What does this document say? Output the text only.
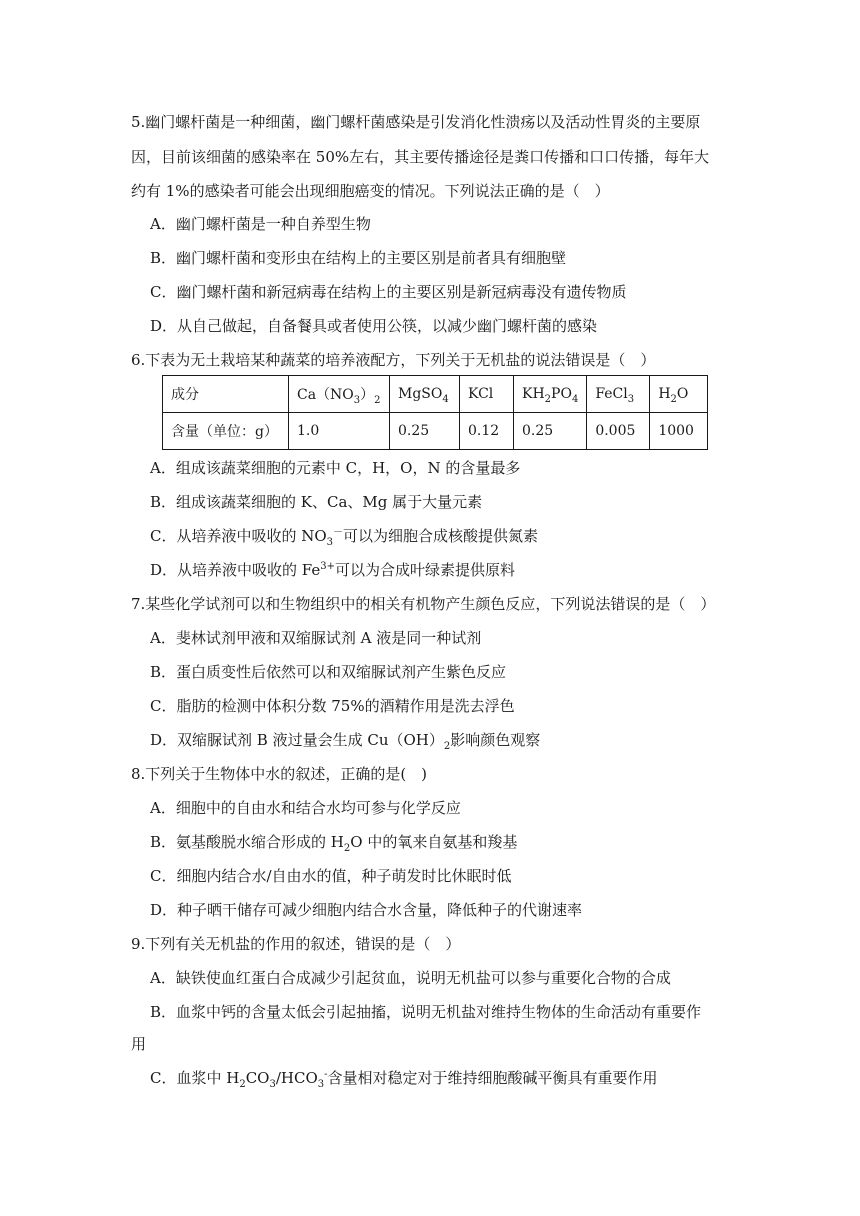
5.幽门螺杆菌是一种细菌，幽门螺杆菌感染是引发消化性溃疡以及活动性胃炎的主要原
因，目前该细菌的感染率在 50%左右，其主要传播途径是粪口传播和口口传播，每年大
约有 1%的感染者可能会出现细胞癌变的情况。下列说法正确的是（　）
A．幽门螺杆菌是一种自养型生物
B．幽门螺杆菌和变形虫在结构上的主要区别是前者具有细胞壁
C．幽门螺杆菌和新冠病毒在结构上的主要区别是新冠病毒没有遗传物质
D．从自己做起，自备餐具或者使用公筷，以减少幽门螺杆菌的感染
6.下表为无土栽培某种蔬菜的培养液配方，下列关于无机盐的说法错误是（　）
成分	$Ca(NO_3)_2$	MgSO$_4$	KCl	$KH_2PO_4$	FeCl$_3$	$H_2O$
含量（单位：g）	1.0	0.25	0.12	0.25	0.005	1000
A．组成该蔬菜细胞的元素中 C，H，O，N 的含量最多
B．组成该蔬菜细胞的 K、Ca、Mg 属于大量元素
C．从培养液中吸收的 $NO_3^-$可以为细胞合成核酸提供氮素
D．从培养液中吸收的 $Fe^{3+}$可以为合成叶绿素提供原料
7.某些化学试剂可以和生物组织中的相关有机物产生颜色反应，下列说法错误的是（　）
A．斐林试剂甲液和双缩脲试剂 A 液是同一种试剂
B．蛋白质变性后依然可以和双缩脲试剂产生紫色反应
C．脂肪的检测中体积分数 75%的酒精作用是洗去浮色
D．双缩脲试剂 B 液过量会生成 $Cu(OH)_2$影响颜色观察
8.下列关于生物体中水的叙述，正确的是(　)
A．细胞中的自由水和结合水均可参与化学反应
B．氨基酸脱水缩合形成的 $H_2O$ 中的氧来自氨基和羧基
C．细胞内结合水/自由水的值，种子萌发时比休眠时低
D．种子晒干储存可减少细胞内结合水含量，降低种子的代谢速率
9.下列有关无机盐的作用的叙述，错误的是（　）
A．缺铁使血红蛋白合成减少引起贫血，说明无机盐可以参与重要化合物的合成
B．血浆中钙的含量太低会引起抽搐，说明无机盐对维持生物体的生命活动有重要作
用
C．血浆中 $H_2CO_3/HCO_3^-$含量相对稳定对于维持细胞酸碱平衡具有重要作用
